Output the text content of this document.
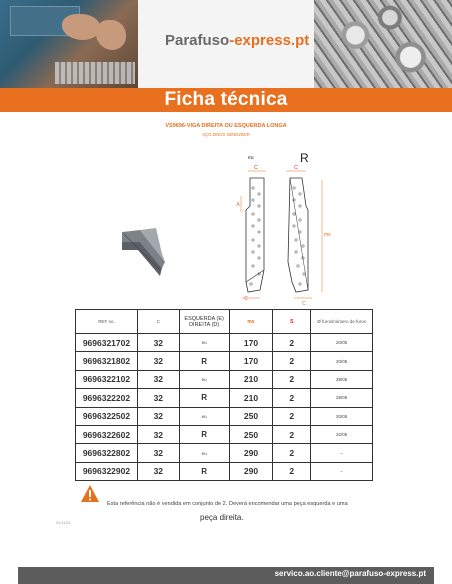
Parafuso-express.pt
Ficha técnica
VS9696-VIGA DIREITA OU ESQUERDA LONGA
AÇO ZINCO SENDZIMIR
eu	R
C
A
C
C
ms
C
REF no.	C	ESQUERDA (E) DIREITA (D)	ms	S	Ø furos/número de furos
9696321702	32	eu	170	2	20/05
9696321802	32	R	170	2	20/05
9696322102	32	eu	210	2	28/05
9696322202	32	R	210	2	28/05
9696322502	32	eu	250	2	20/05
9696322602	32	R	250	2	32/05
9696322802	32	eu	290	2	–
9696322902	32	R	290	2	–
Esta referência não é vendida em conjunto de 2. Deverá encomendar uma peça esquerda e uma
peça direita.
V1.21.21
servico.ao.cliente@parafuso-express.pt
